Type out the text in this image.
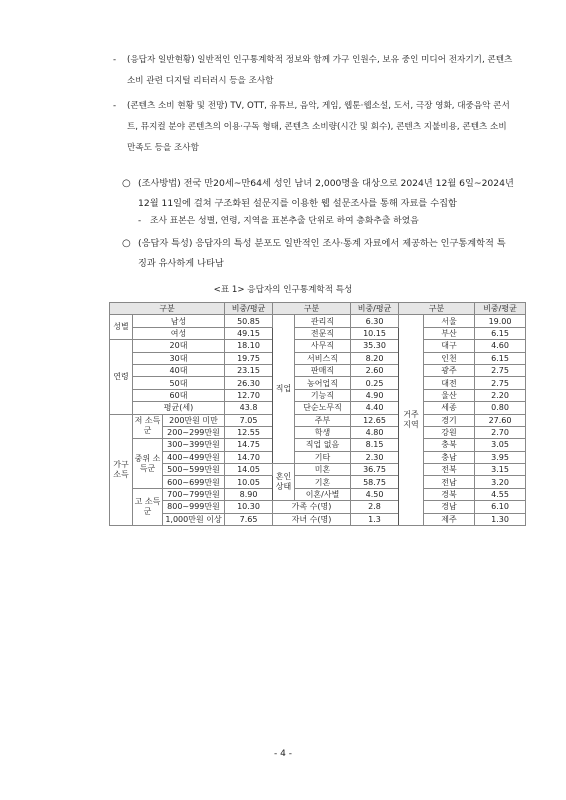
-	(응답자 일반현황) 일반적인 인구통계학적 정보와 함께 가구 인원수, 보유 중인 미디어 전자기기, 콘텐츠 소비 관련 디지털 리터러시 등을 조사함
-	(콘텐츠 소비 현황 및 전망) TV, OTT, 유튜브, 음악, 게임, 웹툰·웹소설, 도서, 극장 영화, 대중음악 콘서트, 뮤지컬 분야 콘텐츠의 이용·구독 형태, 콘텐츠 소비량(시간 및 회수), 콘텐츠 지불비용, 콘텐츠 소비 만족도 등을 조사함
○ (조사방법) 전국 만20세~만64세 성인 남녀 2,000명을 대상으로 2024년 12월 6일~2024년 12월 11일에 걸쳐 구조화된 설문지를 이용한 웹 설문조사를 통해 자료를 수집함
-	조사 표본은 성별, 연령, 지역을 표본추출 단위로 하여 층화추출 하였음
○ (응답자 특성) 응답자의 특성 분포도 일반적인 조사·통계 자료에서 제공하는 인구통계학적 특징과 유사하게 나타남
<표 1> 응답자의 인구통계학적 특성
구분			비중/평균	구분		비중/평균	구분		비중/평균
성별	남성		50.85	직업	관리직	6.30	거주 지역	서울	19.00
	여성		49.15		전문직	10.15		부산	6.15
연령	20대		18.10		사무직	35.30		대구	4.60
	30대		19.75		서비스직	8.20		인천	6.15
	40대		23.15		판매직	2.60		광주	2.75
	50대		26.30		농어업직	0.25		대전	2.75
	60대		12.70		기능직	4.90		울산	2.20
	평균(세)		43.8		단순노무직	4.40		세종	0.80
가구 소득	저 소득군	200만원 미만	7.05		주부	12.65		경기	27.60
		200~299만원	12.55		학생	4.80		강원	2.70
	중위 소득군	300~399만원	14.75		직업 없음	8.15		충북	3.05
		400~499만원	14.70		기타	2.30		충남	3.95
		500~599만원	14.05	혼인 상태	미혼	36.75		전북	3.15
		600~699만원	10.05		기혼	58.75		전남	3.20
	고 소득군	700~799만원	8.90		이혼/사별	4.50		경북	4.55
		800~999만원	10.30	가족 수(명)		2.8		경남	6.10
		1,000만원 이상	7.65	자녀 수(명)		1.3		제주	1.30
- 4 -
